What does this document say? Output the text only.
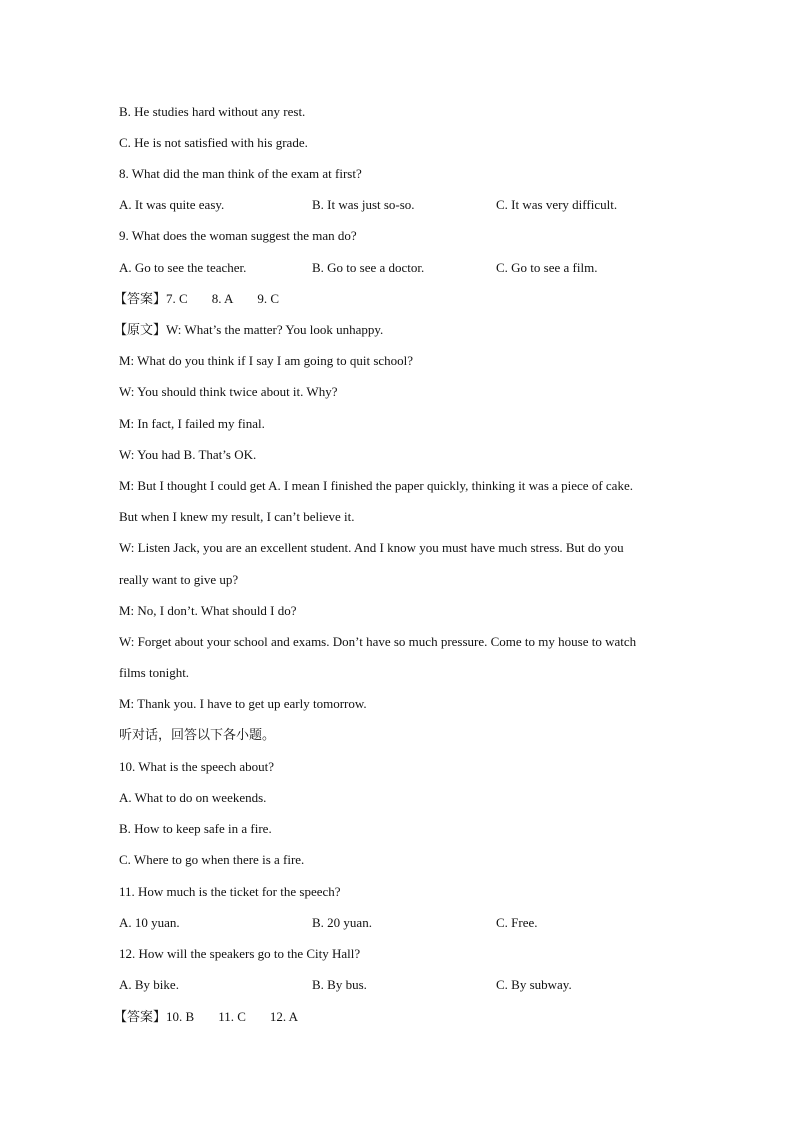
B. He studies hard without any rest.
C. He is not satisfied with his grade.
8. What did the man think of the exam at first?
A. It was quite easy.	B. It was just so-so.	C. It was very difficult.
9. What does the woman suggest the man do?
A. Go to see the teacher.	B. Go to see a doctor.	C. Go to see a film.
【答案】7. C 8. A 9. C
【原文】W: What’s the matter? You look unhappy.
M: What do you think if I say I am going to quit school?
W: You should think twice about it. Why?
M: In fact, I failed my final.
W: You had B. That’s OK.
M: But I thought I could get A. I mean I finished the paper quickly, thinking it was a piece of cake.
But when I knew my result, I can’t believe it.
W: Listen Jack, you are an excellent student. And I know you must have much stress. But do you
really want to give up?
M: No, I don’t. What should I do?
W: Forget about your school and exams. Don’t have so much pressure. Come to my house to watch
films tonight.
M: Thank you. I have to get up early tomorrow.
听对话，回答以下各小题。
10. What is the speech about?
A. What to do on weekends.
B. How to keep safe in a fire.
C. Where to go when there is a fire.
11. How much is the ticket for the speech?
A. 10 yuan.	B. 20 yuan.	C. Free.
12. How will the speakers go to the City Hall?
A. By bike.	B. By bus.	C. By subway.
【答案】10. B 11. C 12. A
